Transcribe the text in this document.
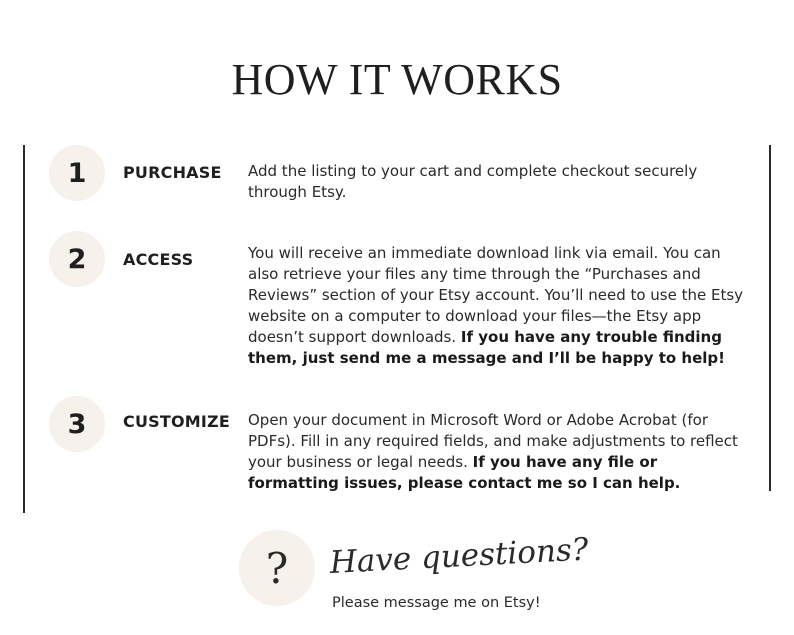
HOW IT WORKS
1	PURCHASE Add the listing to your cart and complete checkout securely through Etsy.
2	ACCESS	You will receive an immediate download link via email. You can also retrieve your files any time through the “Purchases and Reviews” section of your Etsy account. You’ll need to use the Etsy website on a computer to download your files—the Etsy app doesn’t support downloads. If you have any trouble finding them, just send me a message and I’ll be happy to help!
3	CUSTOMIZE Open your document in Microsoft Word or Adobe Acrobat (for PDFs). Fill in any required fields, and make adjustments to reflect your business or legal needs. If you have any file or formatting issues, please contact me so I can help.
?	Have questions?
Please message me on Etsy!
